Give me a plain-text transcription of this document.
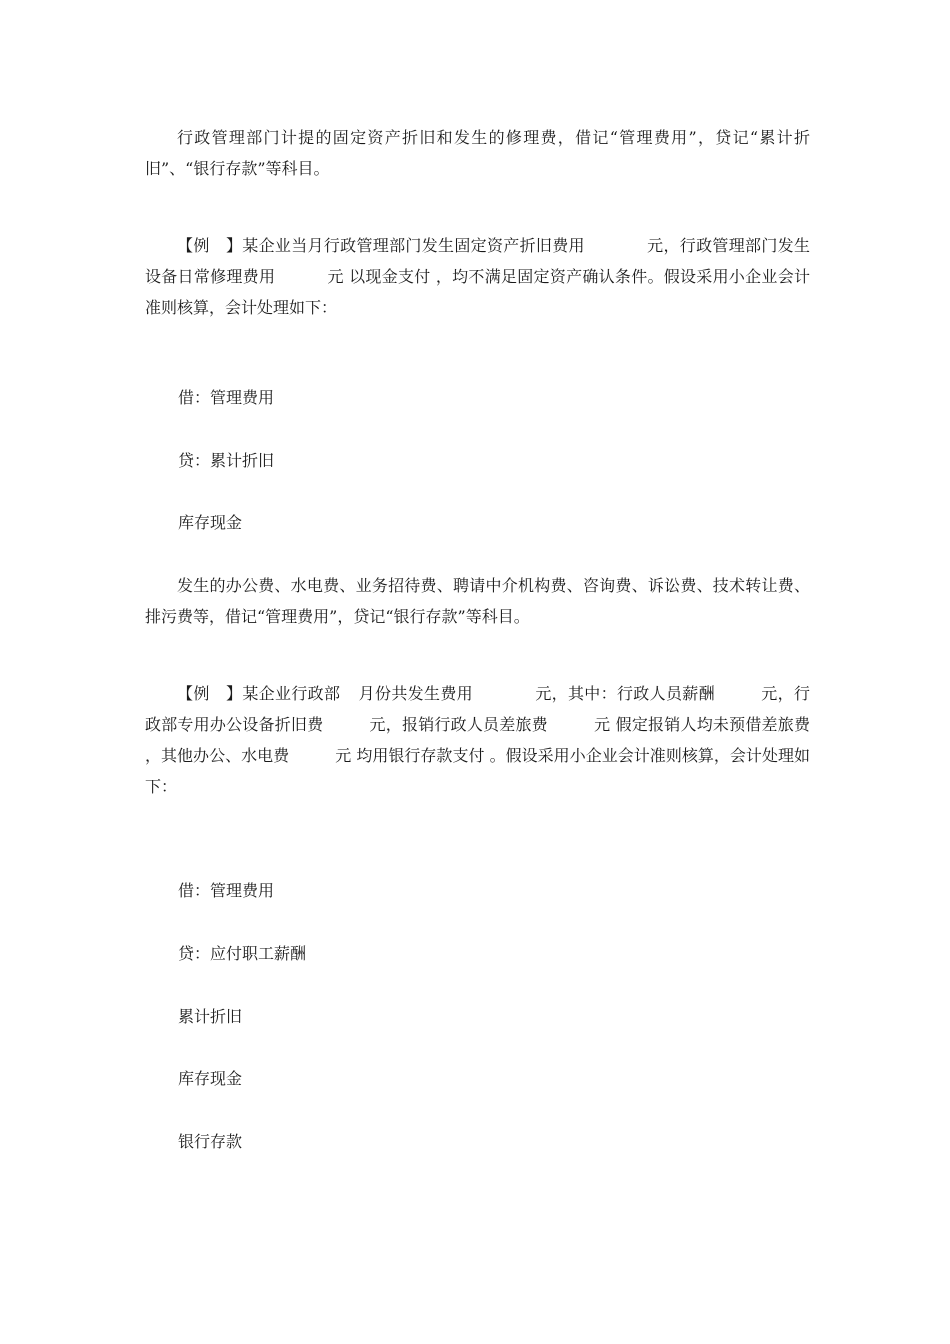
行政管理部门计提的固定资产折旧和发生的修理费，借记“管理费用”，贷记“累计折旧”、“银行存款”等科目。

【例　】某企业当月行政管理部门发生固定资产折旧费用	元，行政管理部门发生设备日常修理费用	元 以现金支付 ，均不满足固定资产确认条件。假设采用小企业会计准则核算，会计处理如下：

借：管理费用

贷：累计折旧

库存现金

发生的办公费、水电费、业务招待费、聘请中介机构费、咨询费、诉讼费、技术转让费、排污费等，借记“管理费用”，贷记“银行存款”等科目。

【例　】某企业行政部 月份共发生费用	元，其中：行政人员薪酬	元，行政部专用办公设备折旧费	元，报销行政人员差旅费	元 假定报销人均未预借差旅费 ，其他办公、水电费	元 均用银行存款支付 。假设采用小企业会计准则核算，会计处理如下：

借：管理费用

贷：应付职工薪酬

累计折旧

库存现金

银行存款
